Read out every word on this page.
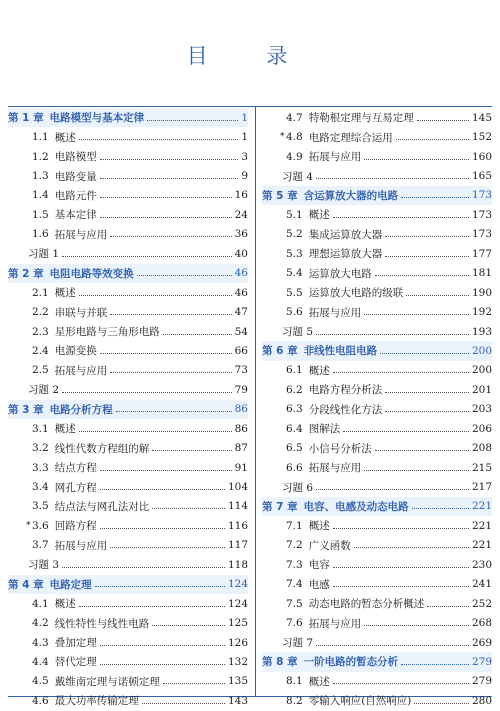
目 录
第 1 章 电路模型与基本定律	1
1.1 概述	1
1.2 电路模型	3
1.3 电路变量	9
1.4 电路元件	16
1.5 基本定律	24
1.6 拓展与应用	36
习题 1	40
第 2 章 电阻电路等效变换	46
2.1 概述	46
2.2 串联与并联	47
2.3 星形电路与三角形电路	54
2.4 电源变换	66
2.5 拓展与应用	73
习题 2	79
第 3 章 电路分析方程	86
3.1 概述	86
3.2 线性代数方程组的解	87
3.3 结点方程	91
3.4 网孔方程	104
3.5 结点法与网孔法对比	114
* 3.6 回路方程	116
3.7 拓展与应用	117
习题 3	118
第 4 章 电路定理	124
4.1 概述	124
4.2 线性特性与线性电路	125
4.3 叠加定理	126
4.4 替代定理	132
4.5 戴维南定理与诺顿定理	135
4.6 最大功率传输定理	143
4.7 特勒根定理与互易定理	145
* 4.8 电路定理综合运用	152
4.9 拓展与应用	160
习题 4	165
第 5 章 含运算放大器的电路	173
5.1 概述	173
5.2 集成运算放大器	173
5.3 理想运算放大器	177
5.4 运算放大电路	181
5.5 运算放大电路的级联	190
5.6 拓展与应用	192
习题 5	193
第 6 章 非线性电阻电路	200
6.1 概述	200
6.2 电路方程分析法	201
6.3 分段线性化方法	203
6.4 图解法	206
6.5 小信号分析法	208
6.6 拓展与应用	215
习题 6	217
第 7 章 电容、电感及动态电路	221
7.1 概述	221
7.2 广义函数	221
7.3 电容	230
7.4 电感	241
7.5 动态电路的暂态分析概述	252
7.6 拓展与应用	268
习题 7	269
第 8 章 一阶电路的暂态分析	279
8.1 概述	279
8.2 零输入响应(自然响应)	280
